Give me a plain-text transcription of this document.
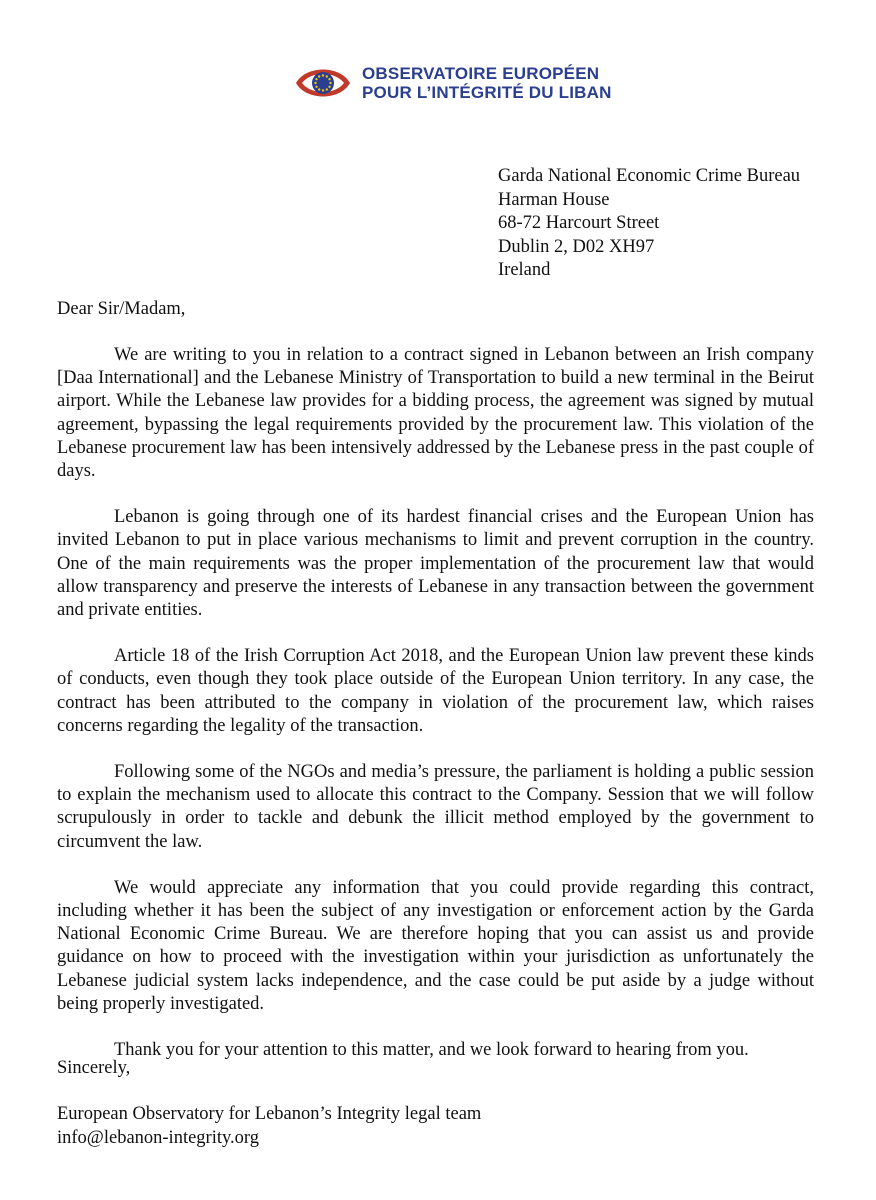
OBSERVATOIRE EUROPÉEN
POUR L’INTÉGRITÉ DU LIBAN
Garda National Economic Crime Bureau
Harman House
68-72 Harcourt Street
Dublin 2, D02 XH97
Ireland
Dear Sir/Madam,

We are writing to you in relation to a contract signed in Lebanon between an Irish company [Daa International] and the Lebanese Ministry of Transportation to build a new terminal in the Beirut airport. While the Lebanese law provides for a bidding process, the agreement was signed by mutual agreement, bypassing the legal requirements provided by the procurement law. This violation of the Lebanese procurement law has been intensively addressed by the Lebanese press in the past couple of days.

Lebanon is going through one of its hardest financial crises and the European Union has invited Lebanon to put in place various mechanisms to limit and prevent corruption in the country. One of the main requirements was the proper implementation of the procurement law that would allow transparency and preserve the interests of Lebanese in any transaction between the government and private entities.

Article 18 of the Irish Corruption Act 2018, and the European Union law prevent these kinds of conducts, even though they took place outside of the European Union territory. In any case, the contract has been attributed to the company in violation of the procurement law, which raises concerns regarding the legality of the transaction.

Following some of the NGOs and media’s pressure, the parliament is holding a public session to explain the mechanism used to allocate this contract to the Company. Session that we will follow scrupulously in order to tackle and debunk the illicit method employed by the government to circumvent the law.

We would appreciate any information that you could provide regarding this contract, including whether it has been the subject of any investigation or enforcement action by the Garda National Economic Crime Bureau. We are therefore hoping that you can assist us and provide guidance on how to proceed with the investigation within your jurisdiction as unfortunately the Lebanese judicial system lacks independence, and the case could be put aside by a judge without being properly investigated.

Thank you for your attention to this matter, and we look forward to hearing from you.

Sincerely,
European Observatory for Lebanon’s Integrity legal team
info@lebanon-integrity.org
